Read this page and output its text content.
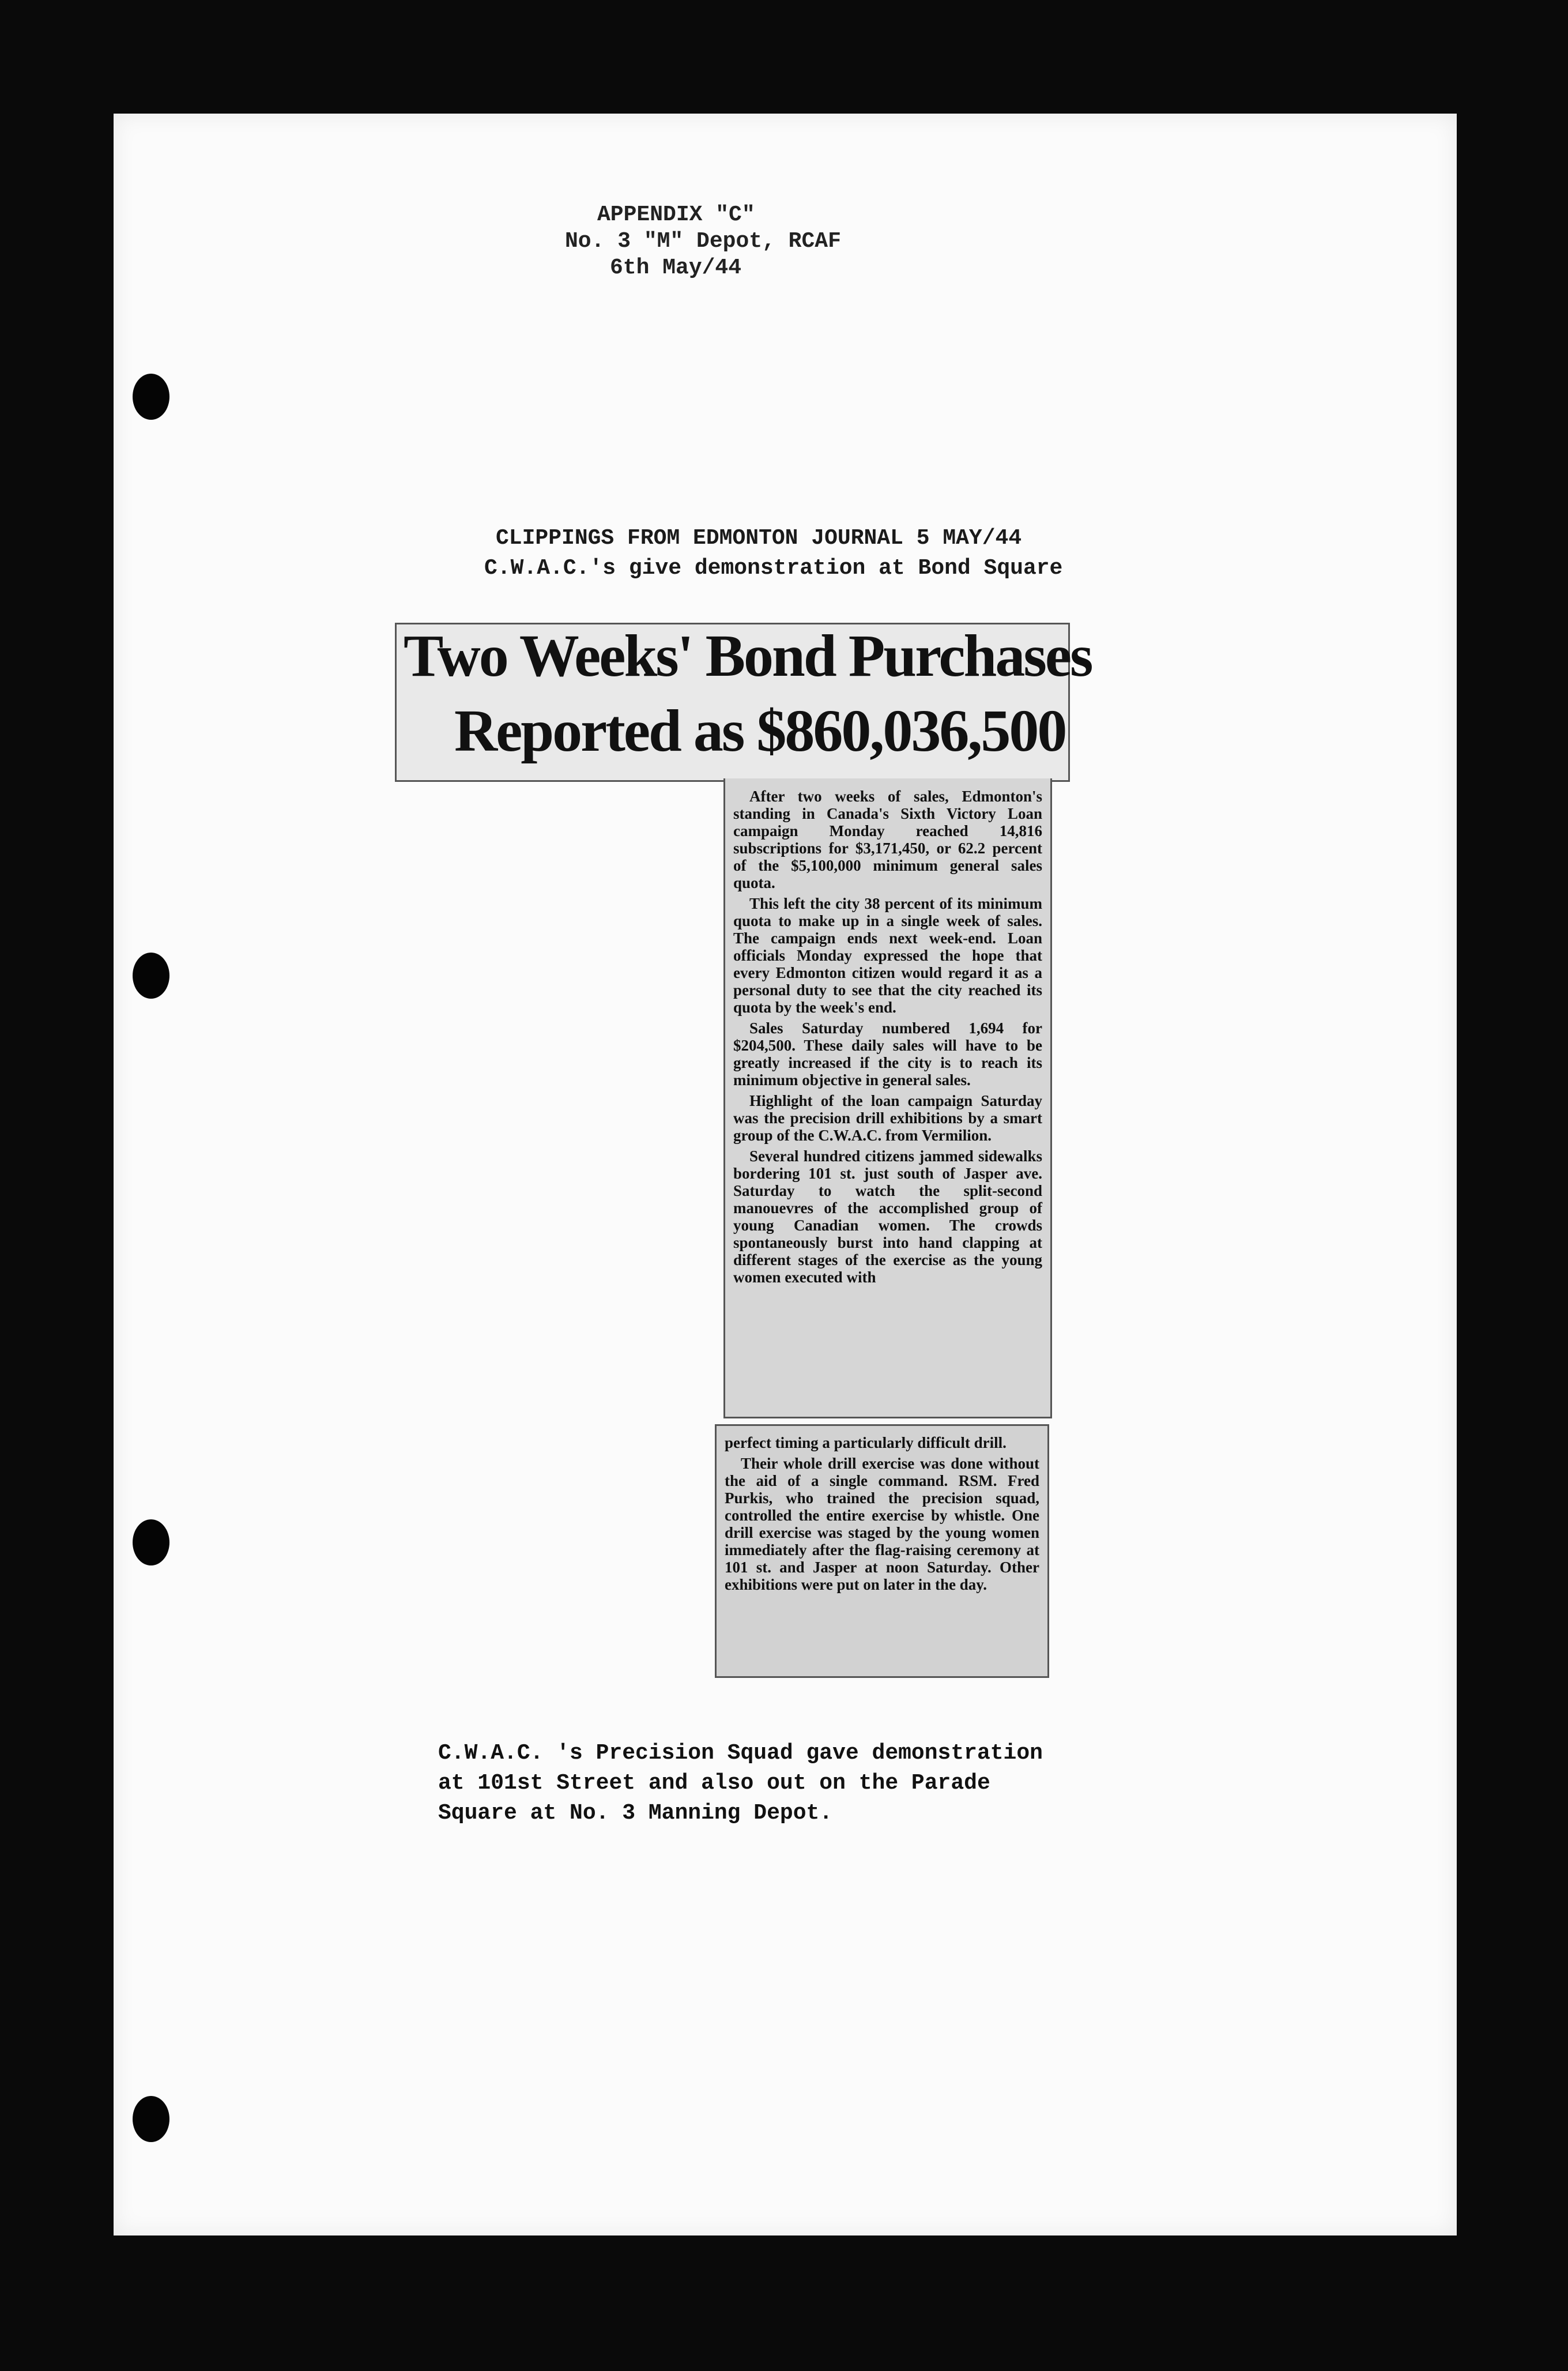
APPENDIX "C"
No. 3 "M" Depot, RCAF
6th May/44
CLIPPINGS FROM EDMONTON JOURNAL 5 MAY/44
C.W.A.C.'s give demonstration at Bond Square
Two Weeks' Bond Purchases
Reported as $860,036,500

After two weeks of sales, Edmonton's standing in Canada's Sixth Victory Loan campaign Monday reached 14,816 subscriptions for $3,171,450, or 62.2 percent of the $5,100,000 minimum general sales quota.

This left the city 38 percent of its minimum quota to make up in a single week of sales. The campaign ends next week-end. Loan officials Monday expressed the hope that every Edmonton citizen would regard it as a personal duty to see that the city reached its quota by the week's end.

Sales Saturday numbered 1,694 for $204,500. These daily sales will have to be greatly increased if the city is to reach its minimum objective in general sales.

Highlight of the loan campaign Saturday was the precision drill exhibitions by a smart group of the C.W.A.C. from Vermilion.

Several hundred citizens jammed sidewalks bordering 101 st. just south of Jasper ave. Saturday to watch the split-second manouevres of the accomplished group of young Canadian women. The crowds spontaneously burst into hand clapping at different stages of the exercise as the young women executed with

perfect timing a particularly difficult drill.

Their whole drill exercise was done without the aid of a single command. RSM. Fred Purkis, who trained the precision squad, controlled the entire exercise by whistle. One drill exercise was staged by the young women immediately after the flag-raising ceremony at 101 st. and Jasper at noon Saturday. Other exhibitions were put on later in the day.

C.W.A.C. 's Precision Squad gave demonstration
at 101st Street and also out on the Parade
Square at No. 3 Manning Depot.
